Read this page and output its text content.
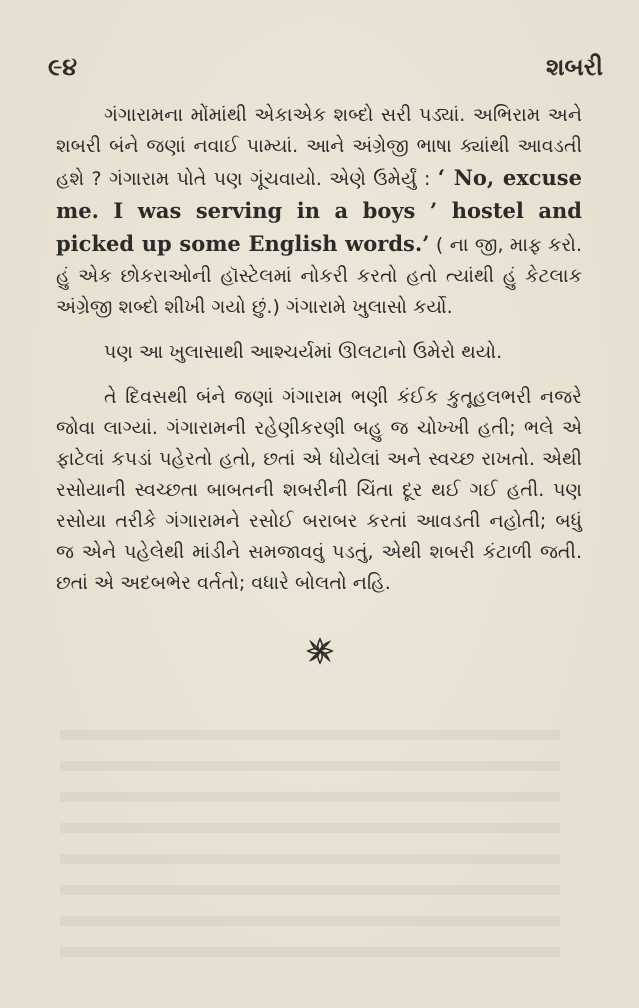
૯૪	શબરી

ગંગારામના મોંમાંથી એકાએક શબ્દો સરી પડ્યાં. અભિરામ અને શબરી બંને જણાં નવાઈ પામ્યાં. આને અંગ્રેજી ભાષા ક્યાંથી આવડતી હશે ? ગંગારામ પોતે પણ ગૂંચવાયો. એણે ઉમેર્યું : ‘ No, excuse me. I was serving in a boys ’ hostel and picked up some English words.’ ( ના જી, માફ કરો. હું એક છોકરાઓની હૉસ્ટેલમાં નોકરી કરતો હતો ત્યાંથી હું કેટલાક અંગ્રેજી શબ્દો શીખી ગયો છું.) ગંગારામે ખુલાસો કર્યો.

પણ આ ખુલાસાથી આશ્ચર્યમાં ઊલટાનો ઉમેરો થયો.

તે દિવસથી બંને જણાં ગંગારામ ભણી કંઈક કુતૂહલભરી નજરે જોવા લાગ્યાં. ગંગારામની રહેણીકરણી બહુ જ ચોખ્ખી હતી; ભલે એ ફાટેલાં કપડાં પહેરતો હતો, છતાં એ ધોયેલાં અને સ્વચ્છ રાખતો. એથી રસોયાની સ્વચ્છતા બાબતની શબરીની ચિંતા દૂર થઈ ગઈ હતી. પણ રસોયા તરીકે ગંગારામને રસોઈ બરાબર કરતાં આવડતી નહોતી; બધું જ એને પહેલેથી માંડીને સમજાવવું પડતું, એથી શબરી કંટાળી જતી. છતાં એ અદબભેર વર્તતો; વધારે બોલતો નહિ.
